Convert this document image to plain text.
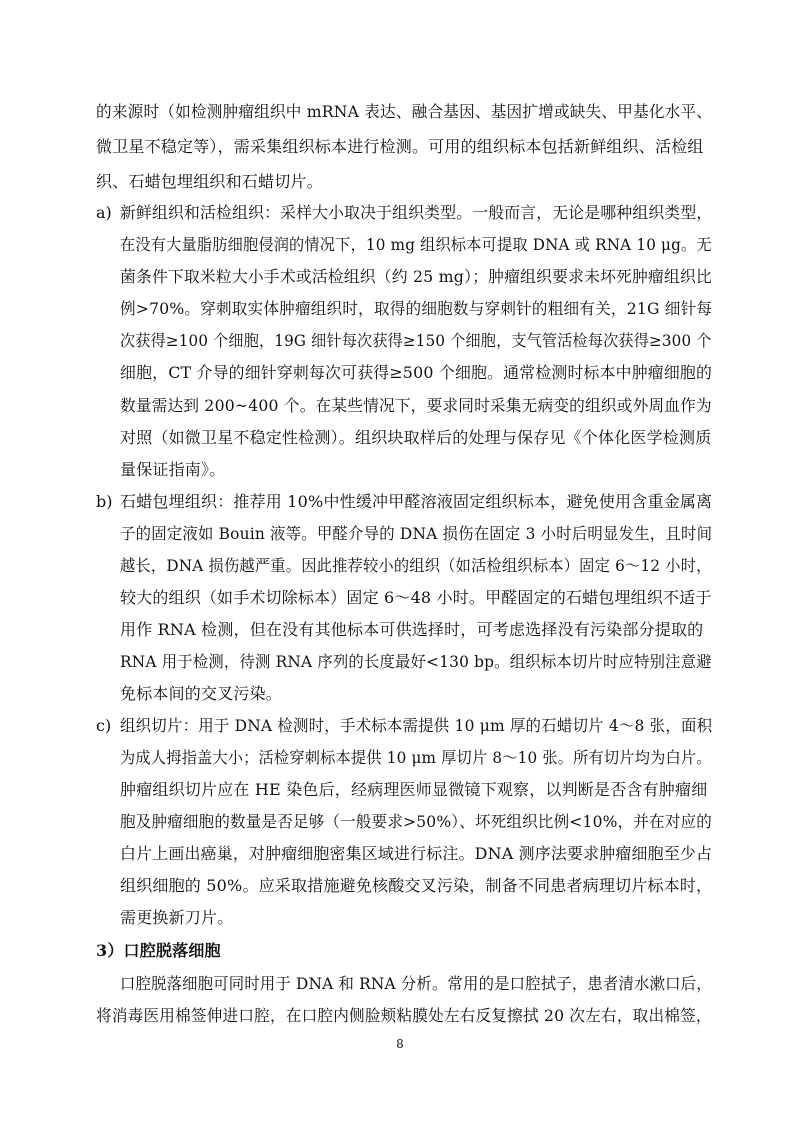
的来源时（如检测肿瘤组织中 mRNA 表达、融合基因、基因扩增或缺失、甲基化水平、
微卫星不稳定等），需采集组织标本进行检测。可用的组织标本包括新鲜组织、活检组
织、石蜡包埋组织和石蜡切片。
a) 新鲜组织和活检组织：采样大小取决于组织类型。一般而言，无论是哪种组织类型，
在没有大量脂肪细胞侵润的情况下，10 mg 组织标本可提取 DNA 或 RNA 10 μg。无
菌条件下取米粒大小手术或活检组织（约 25 mg）；肿瘤组织要求未坏死肿瘤组织比
例>70%。穿刺取实体肿瘤组织时，取得的细胞数与穿刺针的粗细有关，21G 细针每
次获得≥100 个细胞，19G 细针每次获得≥150 个细胞，支气管活检每次获得≥300 个
细胞，CT 介导的细针穿刺每次可获得≥500 个细胞。通常检测时标本中肿瘤细胞的
数量需达到 200~400 个。在某些情况下，要求同时采集无病变的组织或外周血作为
对照（如微卫星不稳定性检测）。组织块取样后的处理与保存见《个体化医学检测质
量保证指南》。
b) 石蜡包埋组织：推荐用 10%中性缓冲甲醛溶液固定组织标本，避免使用含重金属离
子的固定液如 Bouin 液等。甲醛介导的 DNA 损伤在固定 3 小时后明显发生，且时间
越长，DNA 损伤越严重。因此推荐较小的组织（如活检组织标本）固定 6～12 小时，
较大的组织（如手术切除标本）固定 6～48 小时。甲醛固定的石蜡包埋组织不适于
用作 RNA 检测，但在没有其他标本可供选择时，可考虑选择没有污染部分提取的
RNA 用于检测，待测 RNA 序列的长度最好<130 bp。组织标本切片时应特别注意避
免标本间的交叉污染。
c) 组织切片：用于 DNA 检测时，手术标本需提供 10 μm 厚的石蜡切片 4～8 张，面积
为成人拇指盖大小；活检穿刺标本提供 10 μm 厚切片 8～10 张。所有切片均为白片。
肿瘤组织切片应在 HE 染色后，经病理医师显微镜下观察，以判断是否含有肿瘤细
胞及肿瘤细胞的数量是否足够（一般要求>50%）、坏死组织比例<10%，并在对应的
白片上画出癌巢，对肿瘤细胞密集区域进行标注。DNA 测序法要求肿瘤细胞至少占
组织细胞的 50%。应采取措施避免核酸交叉污染，制备不同患者病理切片标本时，
需更换新刀片。
3）口腔脱落细胞
口腔脱落细胞可同时用于 DNA 和 RNA 分析。常用的是口腔拭子，患者清水漱口后，
将消毒医用棉签伸进口腔，在口腔内侧脸颊粘膜处左右反复擦拭 20 次左右，取出棉签，
8
